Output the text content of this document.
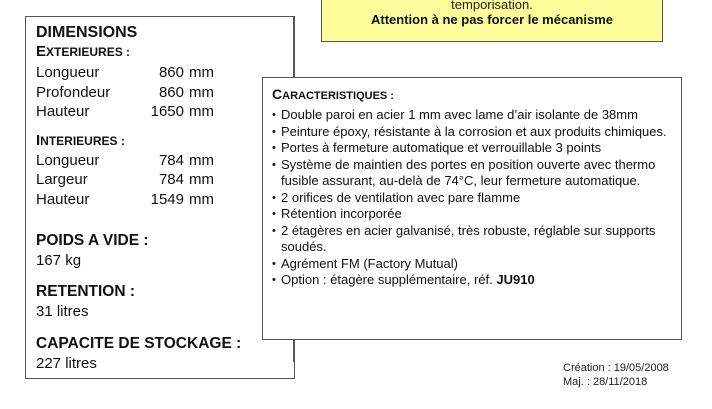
temporisation.
Attention à ne pas forcer le mécanisme
DIMENSIONS
EXTERIEURES :
Longueur	860 mm
Profondeur	860 mm
Hauteur	1650 mm
INTERIEURES :
Longueur	784 mm
Largeur	784 mm
Hauteur	1549 mm
POIDS A VIDE :
167 kg
RETENTION :
31 litres
CAPACITE DE STOCKAGE :
227 litres
CARACTERISTIQUES :
• Double paroi en acier 1 mm avec lame d’air isolante de 38mm
• Peinture époxy, résistante à la corrosion et aux produits chimiques.
• Portes à fermeture automatique et verrouillable 3 points
• Système de maintien des portes en position ouverte avec thermo fusible assurant, au-delà de 74°C, leur fermeture automatique.
• 2 orifices de ventilation avec pare flamme
• Rétention incorporée
• 2 étagères en acier galvanisé, très robuste, réglable sur supports soudés.
• Agrément FM (Factory Mutual)
• Option : étagère supplémentaire, réf. JU910
Création : 19/05/2008
Maj. : 28/11/2018
